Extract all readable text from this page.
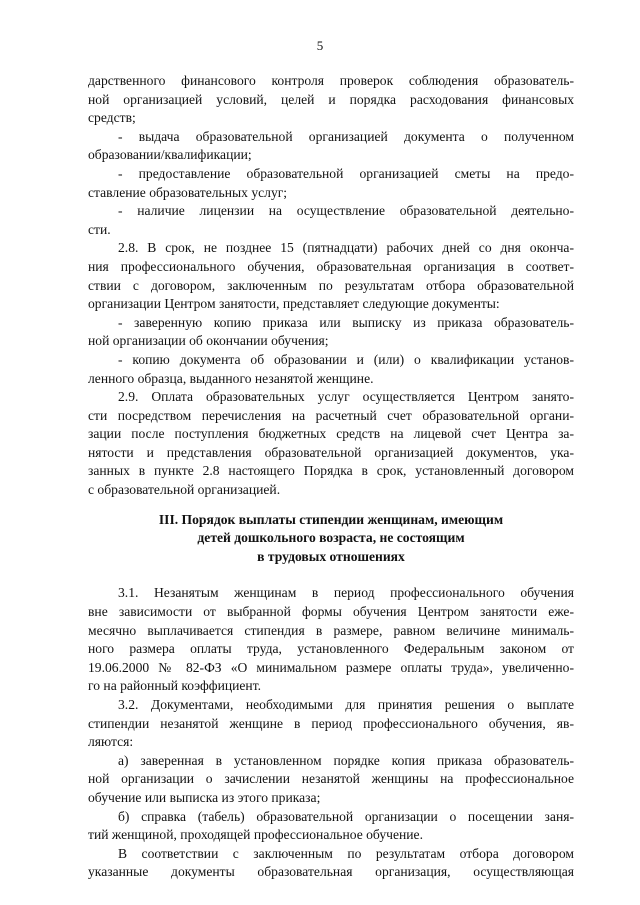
5
дарственного финансового контроля проверок соблюдения образователь-
ной организацией условий, целей и порядка расходования финансовых
средств;
- выдача образовательной организацией документа о полученном
образовании/квалификации;
- предоставление образовательной организацией сметы на предо-
ставление образовательных услуг;
- наличие лицензии на осуществление образовательной деятельно-
сти.
2.8. В срок, не позднее 15 (пятнадцати) рабочих дней со дня оконча-
ния профессионального обучения, образовательная организация в соответ-
ствии с договором, заключенным по результатам отбора образовательной
организации Центром занятости, представляет следующие документы:
- заверенную копию приказа или выписку из приказа образователь-
ной организации об окончании обучения;
- копию документа об образовании и (или) о квалификации установ-
ленного образца, выданного незанятой женщине.
2.9. Оплата образовательных услуг осуществляется Центром занято-
сти посредством перечисления на расчетный счет образовательной органи-
зации после поступления бюджетных средств на лицевой счет Центра за-
нятости и представления образовательной организацией документов, ука-
занных в пункте 2.8 настоящего Порядка в срок, установленный договором
с образовательной организацией.
III. Порядок выплаты стипендии женщинам, имеющим
детей дошкольного возраста, не состоящим
в трудовых отношениях
3.1. Незанятым женщинам в период профессионального обучения
вне зависимости от выбранной формы обучения Центром занятости еже-
месячно выплачивается стипендия в размере, равном величине минималь-
ного размера оплаты труда, установленного Федеральным законом от
19.06.2000 № 82-ФЗ «О минимальном размере оплаты труда», увеличенно-
го на районный коэффициент.
3.2. Документами, необходимыми для принятия решения о выплате
стипендии незанятой женщине в период профессионального обучения, яв-
ляются:
а) заверенная в установленном порядке копия приказа образователь-
ной организации о зачислении незанятой женщины на профессиональное
обучение или выписка из этого приказа;
б) справка (табель) образовательной организации о посещении заня-
тий женщиной, проходящей профессиональное обучение.
В соответствии с заключенным по результатам отбора договором
указанные документы образовательная организация, осуществляющая
